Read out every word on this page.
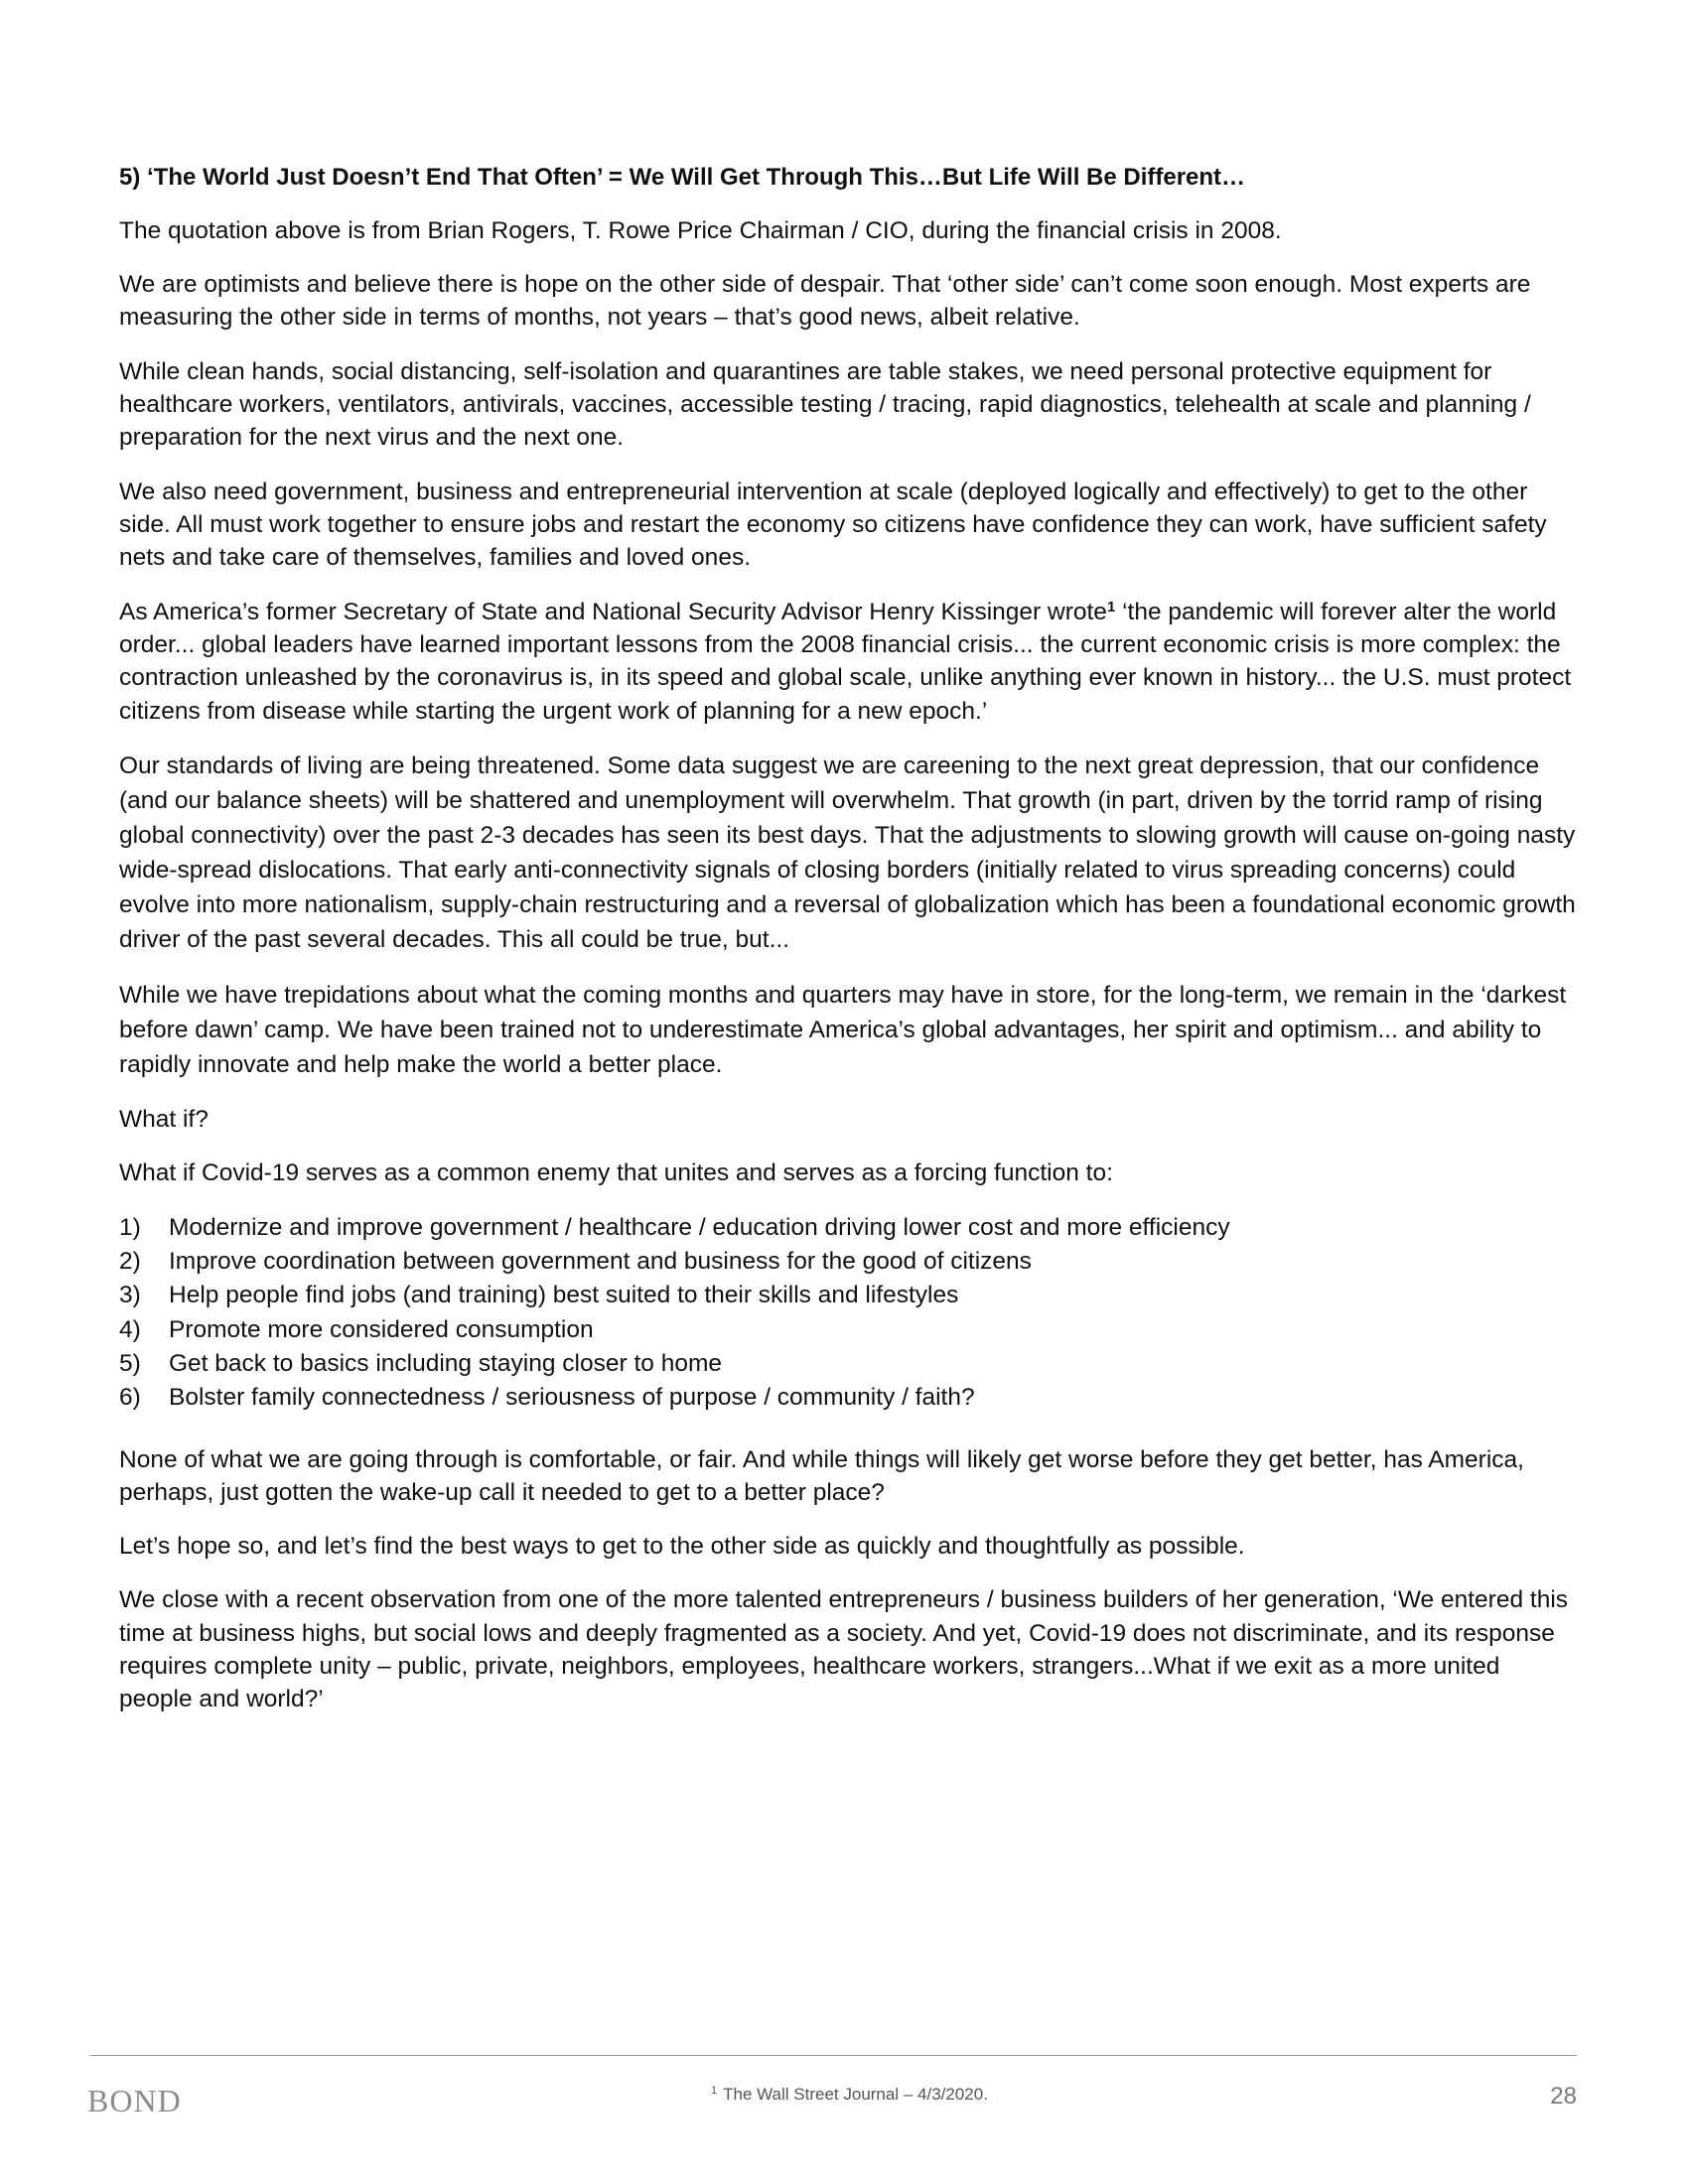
5) ‘The World Just Doesn’t End That Often’ = We Will Get Through This…But Life Will Be Different…

The quotation above is from Brian Rogers, T. Rowe Price Chairman / CIO, during the financial crisis in 2008.

We are optimists and believe there is hope on the other side of despair. That ‘other side’ can’t come soon enough. Most experts are measuring the other side in terms of months, not years – that’s good news, albeit relative.

While clean hands, social distancing, self-isolation and quarantines are table stakes, we need personal protective equipment for healthcare workers, ventilators, antivirals, vaccines, accessible testing / tracing, rapid diagnostics, telehealth at scale and planning / preparation for the next virus and the next one.

We also need government, business and entrepreneurial intervention at scale (deployed logically and effectively) to get to the other side. All must work together to ensure jobs and restart the economy so citizens have confidence they can work, have sufficient safety nets and take care of themselves, families and loved ones.

As America’s former Secretary of State and National Security Advisor Henry Kissinger wrote$^1$ ‘the pandemic will forever alter the world order... global leaders have learned important lessons from the 2008 financial crisis... the current economic crisis is more complex: the contraction unleashed by the coronavirus is, in its speed and global scale, unlike anything ever known in history... the U.S. must protect citizens from disease while starting the urgent work of planning for a new epoch.’

Our standards of living are being threatened. Some data suggest we are careening to the next great depression, that our confidence (and our balance sheets) will be shattered and unemployment will overwhelm. That growth (in part, driven by the torrid ramp of rising global connectivity) over the past 2-3 decades has seen its best days. That the adjustments to slowing growth will cause on-going nasty wide-spread dislocations. That early anti-connectivity signals of closing borders (initially related to virus spreading concerns) could evolve into more nationalism, supply-chain restructuring and a reversal of globalization which has been a foundational economic growth driver of the past several decades. This all could be true, but...

While we have trepidations about what the coming months and quarters may have in store, for the long-term, we remain in the ‘darkest before dawn’ camp. We have been trained not to underestimate America’s global advantages, her spirit and optimism... and ability to rapidly innovate and help make the world a better place.

What if?

What if Covid-19 serves as a common enemy that unites and serves as a forcing function to:

1)	Modernize and improve government / healthcare / education driving lower cost and more efficiency
2)	Improve coordination between government and business for the good of citizens
3)	Help people find jobs (and training) best suited to their skills and lifestyles
4)	Promote more considered consumption
5)	Get back to basics including staying closer to home
6)	Bolster family connectedness / seriousness of purpose / community / faith?

None of what we are going through is comfortable, or fair. And while things will likely get worse before they get better, has America, perhaps, just gotten the wake-up call it needed to get to a better place?

Let’s hope so, and let’s find the best ways to get to the other side as quickly and thoughtfully as possible.

We close with a recent observation from one of the more talented entrepreneurs / business builders of her generation, ‘We entered this time at business highs, but social lows and deeply fragmented as a society. And yet, Covid-19 does not discriminate, and its response requires complete unity – public, private, neighbors, employees, healthcare workers, strangers...What if we exit as a more united people and world?’

BOND	$^1$ The Wall Street Journal – 4/3/2020.	28
